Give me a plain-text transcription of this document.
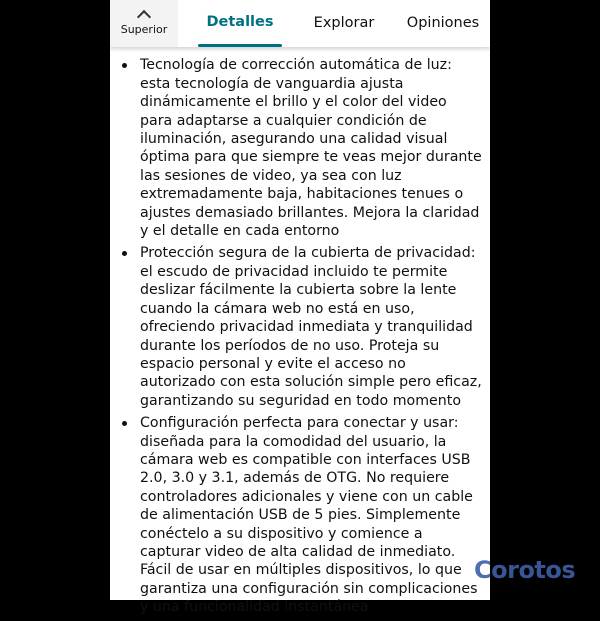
Superior	Detalles	Explorar	Opiniones
Tecnología de corrección automática de luz: esta tecnología de vanguardia ajusta dinámicamente el brillo y el color del video para adaptarse a cualquier condición de iluminación, asegurando una calidad visual óptima para que siempre te veas mejor durante las sesiones de video, ya sea con luz extremadamente baja, habitaciones tenues o ajustes demasiado brillantes. Mejora la claridad y el detalle en cada entorno
Protección segura de la cubierta de privacidad: el escudo de privacidad incluido te permite deslizar fácilmente la cubierta sobre la lente cuando la cámara web no está en uso, ofreciendo privacidad inmediata y tranquilidad durante los períodos de no uso. Proteja su espacio personal y evite el acceso no autorizado con esta solución simple pero eficaz, garantizando su seguridad en todo momento
Configuración perfecta para conectar y usar: diseñada para la comodidad del usuario, la cámara web es compatible con interfaces USB 2.0, 3.0 y 3.1, además de OTG. No requiere controladores adicionales y viene con un cable de alimentación USB de 5 pies. Simplemente conéctelo a su dispositivo y comience a capturar video de alta calidad de inmediato. Fácil de usar en múltiples dispositivos, lo que garantiza una configuración sin complicaciones y una funcionalidad instantánea
Corotos
